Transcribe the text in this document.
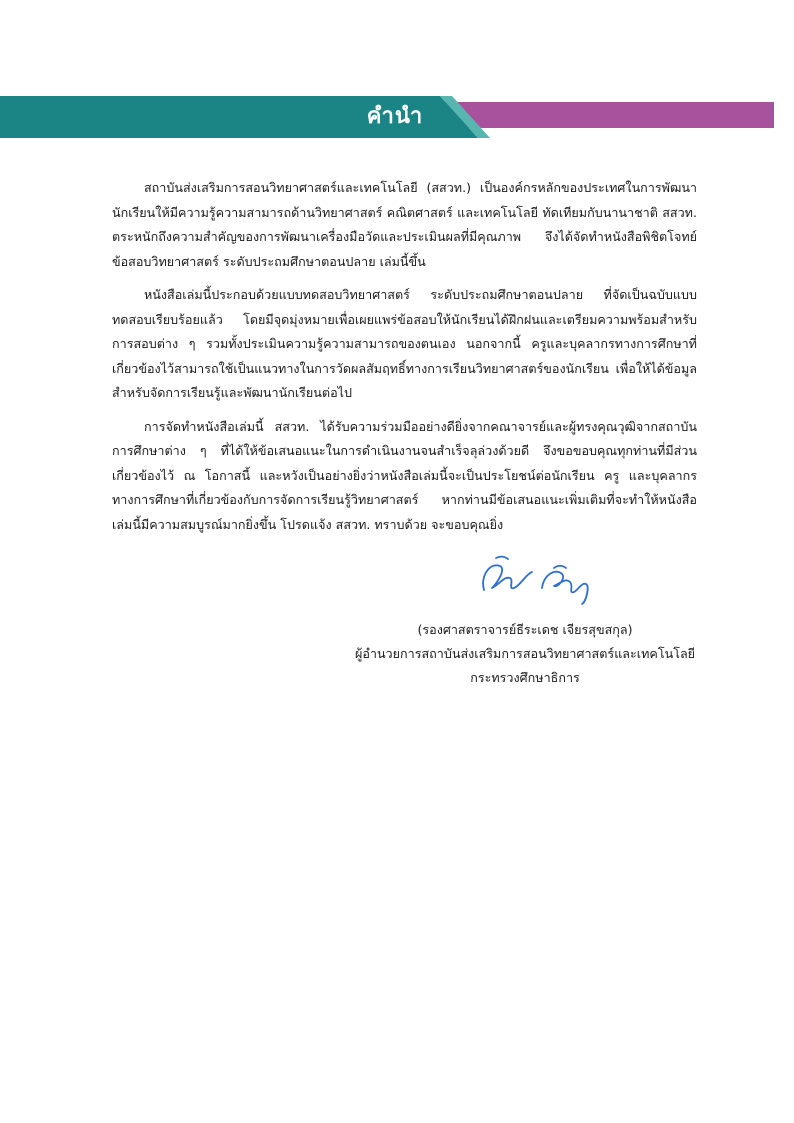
คำนำ

สถาบันส่งเสริมการสอนวิทยาศาสตร์และเทคโนโลยี (สสวท.) เป็นองค์กรหลักของประเทศในการพัฒนานักเรียนให้มีความรู้ความสามารถด้านวิทยาศาสตร์ คณิตศาสตร์ และเทคโนโลยี ทัดเทียมกับนานาชาติ สสวท. ตระหนักถึงความสำคัญของการพัฒนาเครื่องมือวัดและประเมินผลที่มีคุณภาพ จึงได้จัดทำหนังสือพิชิตโจทย์ข้อสอบวิทยาศาสตร์ ระดับประถมศึกษาตอนปลาย เล่มนี้ขึ้น

หนังสือเล่มนี้ประกอบด้วยแบบทดสอบวิทยาศาสตร์ ระดับประถมศึกษาตอนปลาย ที่จัดเป็นฉบับแบบทดสอบเรียบร้อยแล้ว โดยมีจุดมุ่งหมายเพื่อเผยแพร่ข้อสอบให้นักเรียนได้ฝึกฝนและเตรียมความพร้อมสำหรับการสอบต่าง ๆ รวมทั้งประเมินความรู้ความสามารถของตนเอง นอกจากนี้ ครูและบุคลากรทางการศึกษาที่เกี่ยวข้องไว้สามารถใช้เป็นแนวทางในการวัดผลสัมฤทธิ์ทางการเรียนวิทยาศาสตร์ของนักเรียน เพื่อให้ได้ข้อมูลสำหรับจัดการเรียนรู้และพัฒนานักเรียนต่อไป

การจัดทำหนังสือเล่มนี้ สสวท. ได้รับความร่วมมืออย่างดียิ่งจากคณาจารย์และผู้ทรงคุณวุฒิจากสถาบันการศึกษาต่าง ๆ ที่ได้ให้ข้อเสนอแนะในการดำเนินงานจนสำเร็จลุล่วงด้วยดี จึงขอขอบคุณทุกท่านที่มีส่วนเกี่ยวข้องไว้ ณ โอกาสนี้ และหวังเป็นอย่างยิ่งว่าหนังสือเล่มนี้จะเป็นประโยชน์ต่อนักเรียน ครู และบุคลากรทางการศึกษาที่เกี่ยวข้องกับการจัดการเรียนรู้วิทยาศาสตร์ หากท่านมีข้อเสนอแนะเพิ่มเติมที่จะทำให้หนังสือเล่มนี้มีความสมบูรณ์มากยิ่งขึ้น โปรดแจ้ง สสวท. ทราบด้วย จะขอบคุณยิ่ง

(รองศาสตราจารย์ธีระเดช เจียรสุขสกุล)
ผู้อำนวยการสถาบันส่งเสริมการสอนวิทยาศาสตร์และเทคโนโลยี
กระทรวงศึกษาธิการ
